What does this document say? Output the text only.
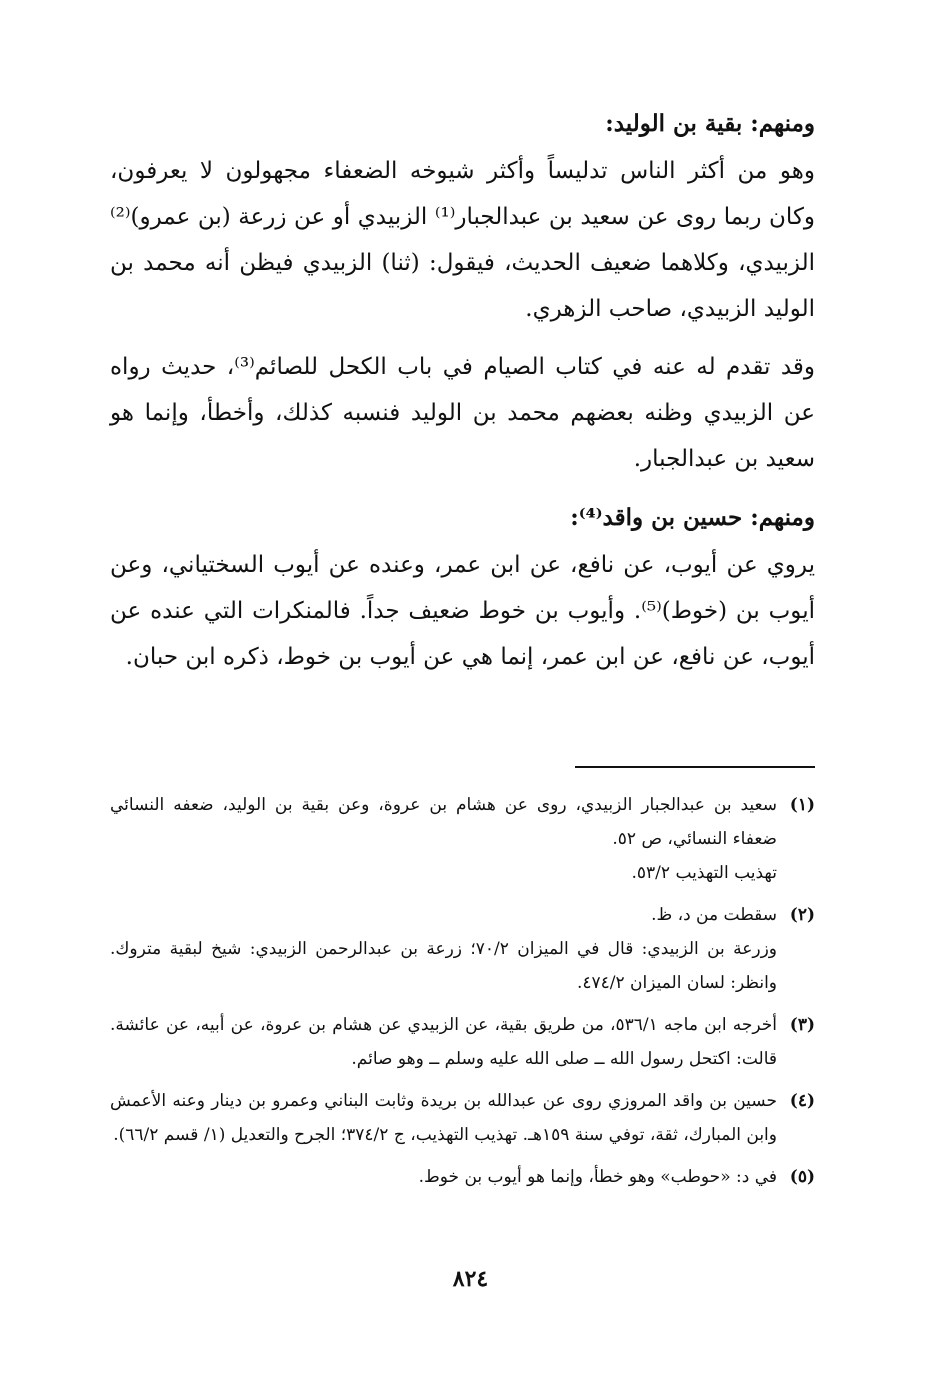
ومنهم: بقية بن الوليد:

وهو من أكثر الناس تدليساً وأكثر شيوخه الضعفاء مجهولون لا يعرفون، وكان ربما روى عن سعيد بن عبدالجبار⁽¹⁾ الزبيدي أو عن زرعة (بن عمرو)⁽²⁾ الزبيدي، وكلاهما ضعيف الحديث، فيقول: (ثنا) الزبيدي فيظن أنه محمد بن الوليد الزبيدي، صاحب الزهري.

وقد تقدم له عنه في كتاب الصيام في باب الكحل للصائم⁽³⁾، حديث رواه عن الزبيدي وظنه بعضهم محمد بن الوليد فنسبه كذلك، وأخطأ، وإنما هو سعيد بن عبدالجبار.

ومنهم: حسين بن واقد⁽⁴⁾:

يروي عن أيوب، عن نافع، عن ابن عمر، وعنده عن أيوب السختياني، وعن أيوب بن (خوط)⁽⁵⁾. وأيوب بن خوط ضعيف جداً. فالمنكرات التي عنده عن أيوب، عن نافع، عن ابن عمر، إنما هي عن أيوب بن خوط، ذكره ابن حبان.

(١)

سعيد بن عبدالجبار الزبيدي، روى عن هشام بن عروة، وعن بقية بن الوليد، ضعفه النسائي ضعفاء النسائي، ص ٥٢.

تهذيب التهذيب ٥٣/٢.

(٢)

سقطت من د، ظ.

وزرعة بن الزبيدي: قال في الميزان ٧٠/٢؛ زرعة بن عبدالرحمن الزبيدي: شيخ لبقية متروك. وانظر: لسان الميزان ٤٧٤/٢.

(٣)

أخرجه ابن ماجه ٥٣٦/١، من طريق بقية، عن الزبيدي عن هشام بن عروة، عن أبيه، عن عائشة. قالت: اكتحل رسول الله ــ صلى الله عليه وسلم ــ وهو صائم.

(٤)

حسين بن واقد المروزي روى عن عبدالله بن بريدة وثابت البناني وعمرو بن دينار وعنه الأعمش وابن المبارك، ثقة، توفي سنة ١٥٩هـ. تهذيب التهذيب، ج ٣٧٤/٢؛ الجرح والتعديل (١/ قسم ٦٦/٢).

(٥)

في د: «حوطب» وهو خطأ، وإنما هو أيوب بن خوط.

٨٢٤
